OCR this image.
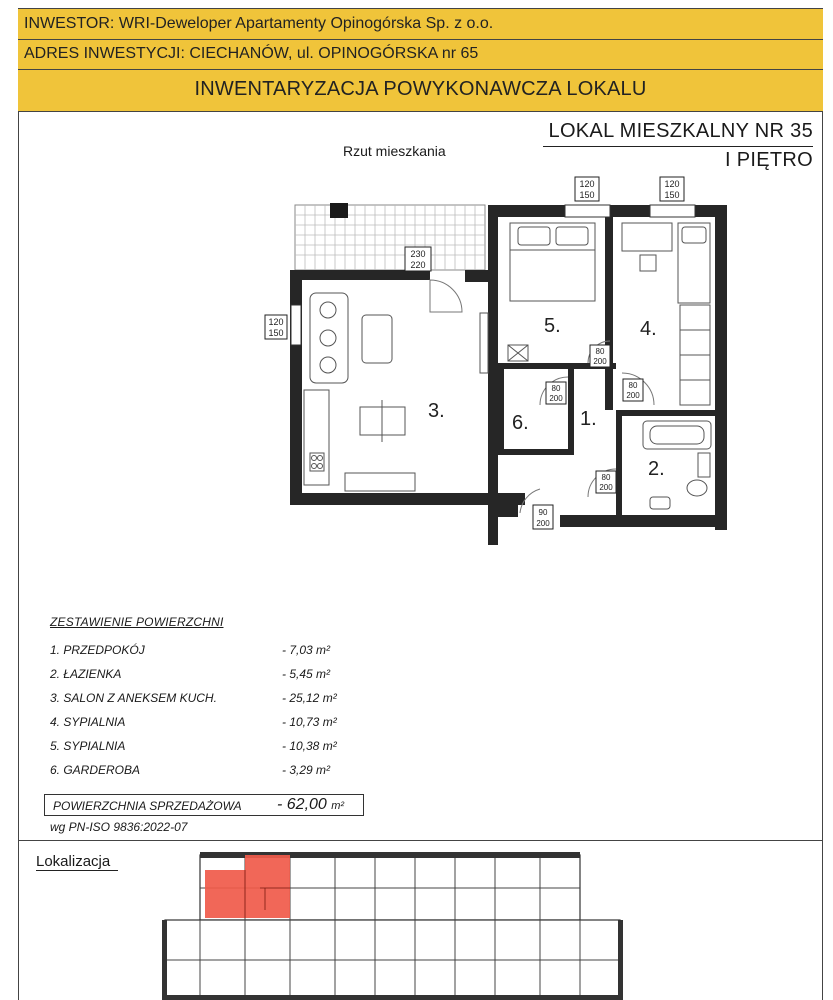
INWESTOR: WRI-Deweloper Apartamenty Opinogórska Sp. z o.o.
ADRES INWESTYCJI: CIECHANÓW, ul. OPINOGÓRSKA nr 65
INWENTARYZACJA POWYKONAWCZA LOKALU
LOKAL MIESZKALNY NR 35
I PIĘTRO
Rzut mieszkania
120
150
120
150
120
150
230
220
80
200
80
200
80
200
80
200
90
200
1.
2.
3.
4.
5.
6.
ZESTAWIENIE POWIERZCHNI
1. PRZEDPOKÓJ	- 7,03 m²
2. ŁAZIENKA	- 5,45 m²
3. SALON Z ANEKSEM KUCH.	- 25,12 m²
4. SYPIALNIA	- 10,73 m²
5. SYPIALNIA	- 10,38 m²
6. GARDEROBA	- 3,29 m²
POWIERZCHNIA SPRZEDAŻOWA - 62,00 m²
wg PN-ISO 9836:2022-07
Lokalizacja
